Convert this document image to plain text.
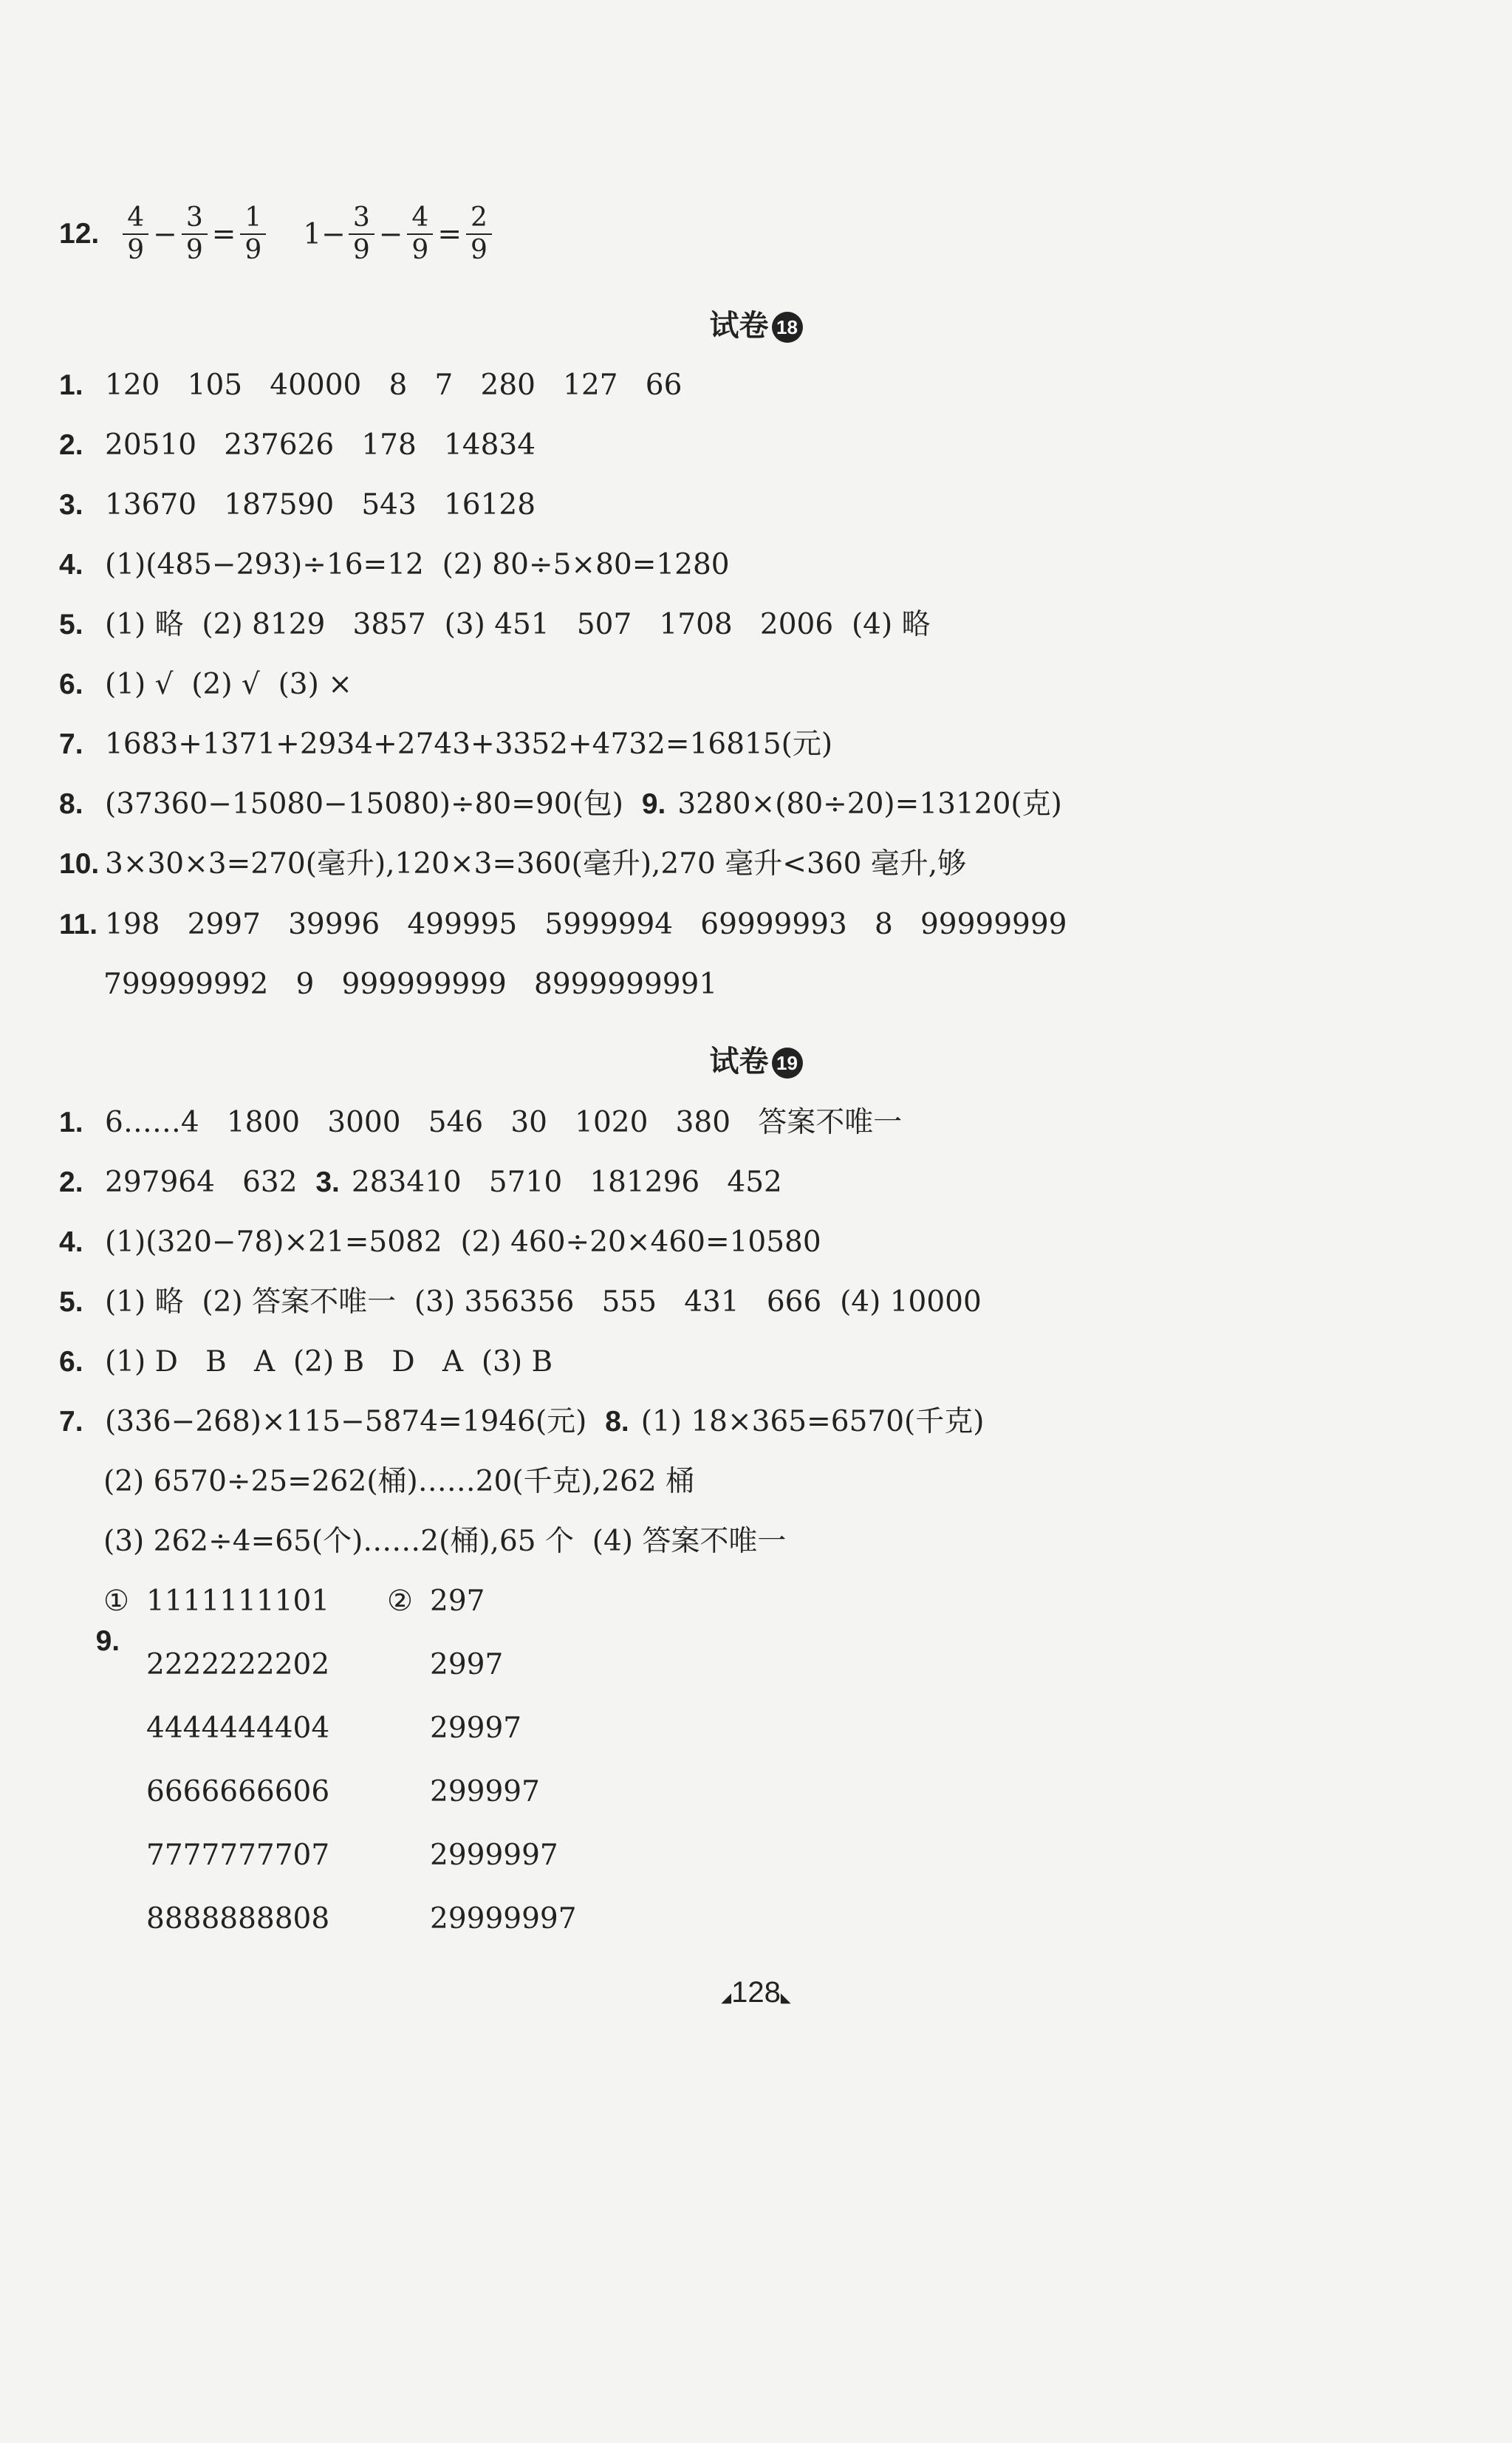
12. $\frac{4}{9} - \frac{3}{9} = \frac{1}{9} 1- \frac{3}{9} - \frac{4}{9} = \frac{2}{9}$
试卷 18
1. 120   105   40000   8   7   280   127   66
2. 20510   237626   178   14834
3. 13670   187590   543   16128
4. (1)(485−293)÷16=12  (2) 80÷5×80=1280
5. (1) 略  (2) 8129   3857  (3) 451   507   1708   2006  (4) 略
6. (1) √  (2) √  (3) ×
7. 1683+1371+2934+2743+3352+4732=16815(元)
8. (37360−15080−15080)÷80=90(包)  9. 3280×(80÷20)=13120(克)
10. 3×30×3=270(毫升),120×3=360(毫升),270 毫升<360 毫升,够
11. 198   2997   39996   499995   5999994   69999993   8   99999999
799999992   9   999999999   8999999991
试卷 19
1. 6……4   1800   3000   546   30   1020   380   答案不唯一
2. 297964   632  3. 283410   5710   181296   452
4. (1)(320−78)×21=5082  (2) 460÷20×460=10580
5. (1) 略  (2) 答案不唯一  (3) 356356   555   431   666  (4) 10000
6. (1) D   B   A  (2) B   D   A  (3) B
7. (336−268)×115−5874=1946(元)  8. (1) 18×365=6570(千克)
(2) 6570÷25=262(桶)……20(千克),262 桶
(3) 262÷4=65(个)……2(桶),65 个  (4) 答案不唯一

9.

①	②
1111111101
2222222202
4444444404
6666666606
7777777707
8888888808
297
2997
29997
299997
2999997
29999997
◢128◣
